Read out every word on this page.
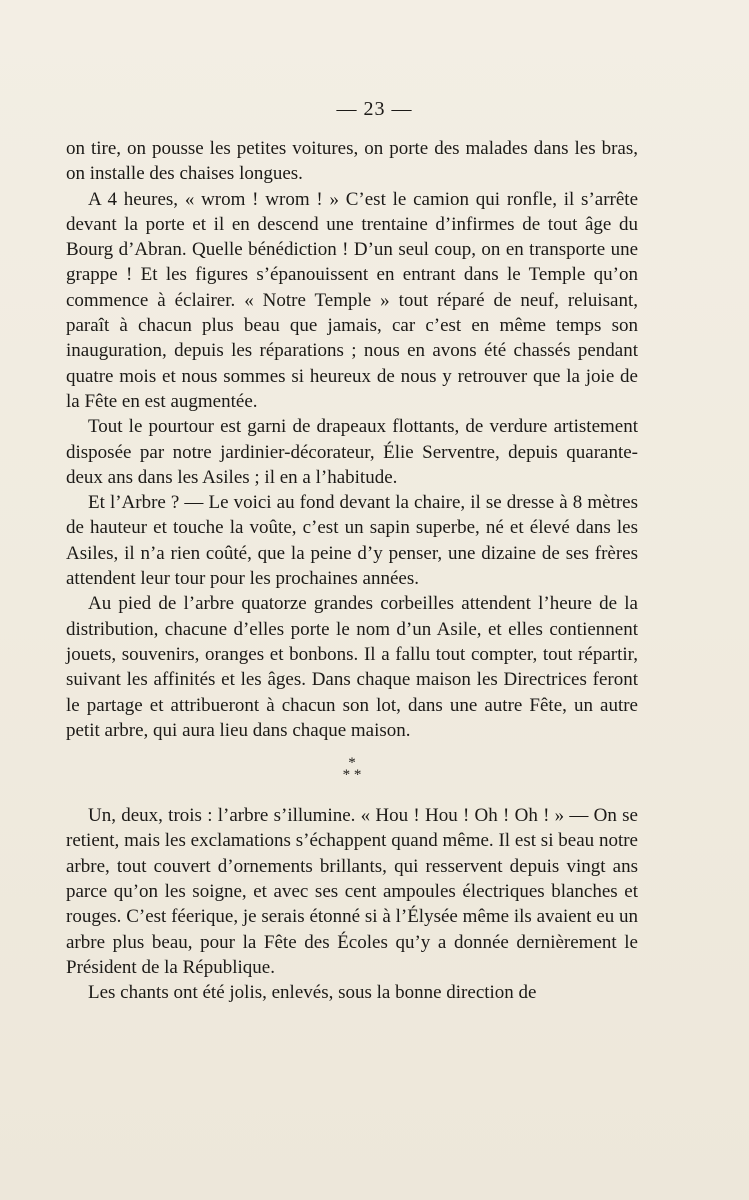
— 23 —

on tire, on pousse les petites voitures, on porte des malades dans les bras, on installe des chaises longues.

A 4 heures, « wrom ! wrom ! » C’est le camion qui ronfle, il s’arrête devant la porte et il en descend une trentaine d’infirmes de tout âge du Bourg d’Abran. Quelle bénédiction ! D’un seul coup, on en transporte une grappe ! Et les figures s’épanouissent en entrant dans le Temple qu’on commence à éclairer. « Notre Temple » tout réparé de neuf, reluisant, paraît à chacun plus beau que jamais, car c’est en même temps son inauguration, depuis les réparations ; nous en avons été chassés pendant quatre mois et nous sommes si heureux de nous y retrouver que la joie de la Fête en est augmentée.

Tout le pourtour est garni de drapeaux flottants, de verdure artistement disposée par notre jardinier-décorateur, Élie Serventre, depuis quarante-deux ans dans les Asiles ; il en a l’habitude.

Et l’Arbre ? — Le voici au fond devant la chaire, il se dresse à 8 mètres de hauteur et touche la voûte, c’est un sapin superbe, né et élevé dans les Asiles, il n’a rien coûté, que la peine d’y penser, une dizaine de ses frères attendent leur tour pour les prochaines années.

Au pied de l’arbre quatorze grandes corbeilles attendent l’heure de la distribution, chacune d’elles porte le nom d’un Asile, et elles contiennent jouets, souvenirs, oranges et bonbons. Il a fallu tout compter, tout répartir, suivant les affinités et les âges. Dans chaque maison les Directrices feront le partage et attribueront à chacun son lot, dans une autre Fête, un autre petit arbre, qui aura lieu dans chaque maison.

*
* *

Un, deux, trois : l’arbre s’illumine. « Hou ! Hou ! Oh ! Oh ! » — On se retient, mais les exclamations s’échappent quand même. Il est si beau notre arbre, tout couvert d’ornements brillants, qui resservent depuis vingt ans parce qu’on les soigne, et avec ses cent ampoules électriques blanches et rouges. C’est féerique, je serais étonné si à l’Élysée même ils avaient eu un arbre plus beau, pour la Fête des Écoles qu’y a donnée dernièrement le Président de la République.

Les chants ont été jolis, enlevés, sous la bonne direction de
